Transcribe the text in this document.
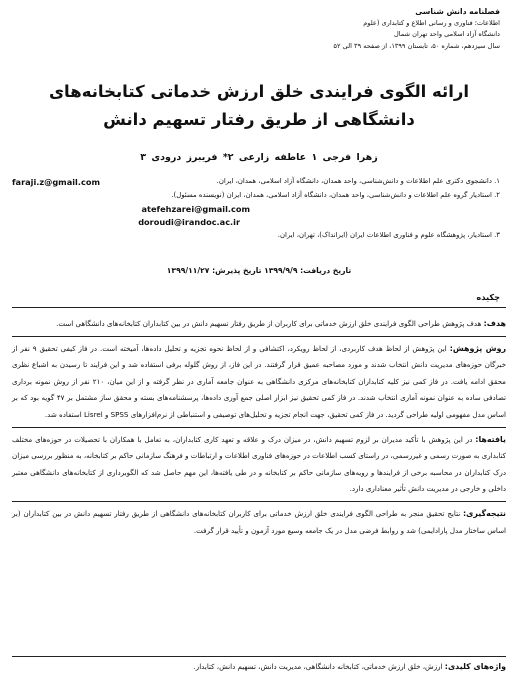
فصلنامه دانش شناسی
اطلاعات؛ فناوری و رسانی اطلاع و کتابداری (علوم
دانشگاه آزاد اسلامی واحد تهران شمال
سال سیزدهم، شماره ۵۰، تابستان ۱۳۹۹، از صفحه ۳۹ الی ۵۲
ارائه الگوی فرایندی خلق ارزش خدماتی کتابخانه‌های دانشگاهی از طریق رفتار تسهیم دانش
زهرا فرجی ۱ عاطفه زارعی ۲* فریبرز درودی ۳
۱. دانشجوی دکتری علم اطلاعات و دانش‌شناسی، واحد همدان، دانشگاه آزاد اسلامی، همدان، ایران.
faraji.z@gmail.com
۲. استادیار گروه علم اطلاعات و دانش‌شناسی، واحد همدان، دانشگاه آزاد اسلامی، همدان، ایران (نویسنده مسئول).
atefehzarei@gmail.com
۳. استادیار، پژوهشگاه علوم و فناوری اطلاعات ایران (ایرانداک)، تهران، ایران.
doroudi@irandoc.ac.ir
تاریخ دریافت: ۱۳۹۹/۹/۹ تاریخ پذیرش: ۱۳۹۹/۱۱/۲۷
چکیده

هدف: هدف پژوهش طراحی الگوی فرایندی خلق ارزش خدماتی برای کاربران از طریق رفتار تسهیم دانش در بین کتابداران کتابخانه‌های دانشگاهی است.

روش پژوهش: این پژوهش از لحاظ هدف کاربردی، از لحاظ رویکرد، اکتشافی و از لحاظ نحوه تجزیه و تحلیل داده‌ها، آمیخته است. در فاز کیفی تحقیق ۹ نفر از خبرگان حوزه‌های مدیریت دانش انتخاب شدند و مورد مصاحبه عمیق قرار گرفتند. در این فاز، از روش گلوله برفی استفاده شد و این فرایند تا رسیدن به اشباع نظری محقق ادامه یافت. در فاز کمی نیز کلیه کتابداران کتابخانه‌های مرکزی دانشگاهی به عنوان جامعه آماری در نظر گرفته و از این میان، ۲۱۰ نفر از روش نمونه برداری تصادفی ساده به عنوان نمونه آماری انتخاب شدند. در فاز کمی تحقیق نیز ابزار اصلی جمع آوری داده‌ها، پرسشنامه‌های بسته و محقق ساز مشتمل بر ۴۷ گویه بود که بر اساس مدل مفهومی اولیه طراحی گردید. در فاز کمی تحقیق، جهت انجام تجزیه و تحلیل‌های توصیفی و استنباطی از نرم‌افزارهای SPSS و Lisrel استفاده شد.

یافته‌ها: در این پژوهش با تأکید مدیران بر لزوم تسهیم دانش، در میزان درک و علاقه و تعهد کاری کتابداران، به تعامل با همکاران با تحصیلات در حوزه‌های مختلف کتابداری به صورت رسمی و غیررسمی، در راستای کسب اطلاعات در حوزه‌های فناوری اطلاعات و ارتباطات و فرهنگ سازمانی حاکم بر کتابخانه، به منظور بررسی میزان درک کتابداران در محاسبه برخی از فرایندها و رویه‌های سازمانی حاکم بر کتابخانه و در طی یافته‌ها، این مهم حاصل شد که الگوبرداری از کتابخانه‌های دانشگاهی معتبر داخلی و خارجی در مدیریت دانش تأثیر معناداری دارد.

نتیجه‌گیری: نتایج تحقیق منجر به طراحی الگوی فرایندی خلق ارزش خدماتی برای کاربران کتابخانه‌های دانشگاهی از طریق رفتار تسهیم دانش در بین کتابداران (بر اساس ساختار مدل پارادایمی) شد و روابط فرضی مدل در یک جامعه وسیع مورد آزمون و تأیید قرار گرفت.

واژه‌های کلیدی: ارزش، خلق ارزش خدماتی، کتابخانه دانشگاهی، مدیریت دانش، تسهیم دانش، کتابدار.
